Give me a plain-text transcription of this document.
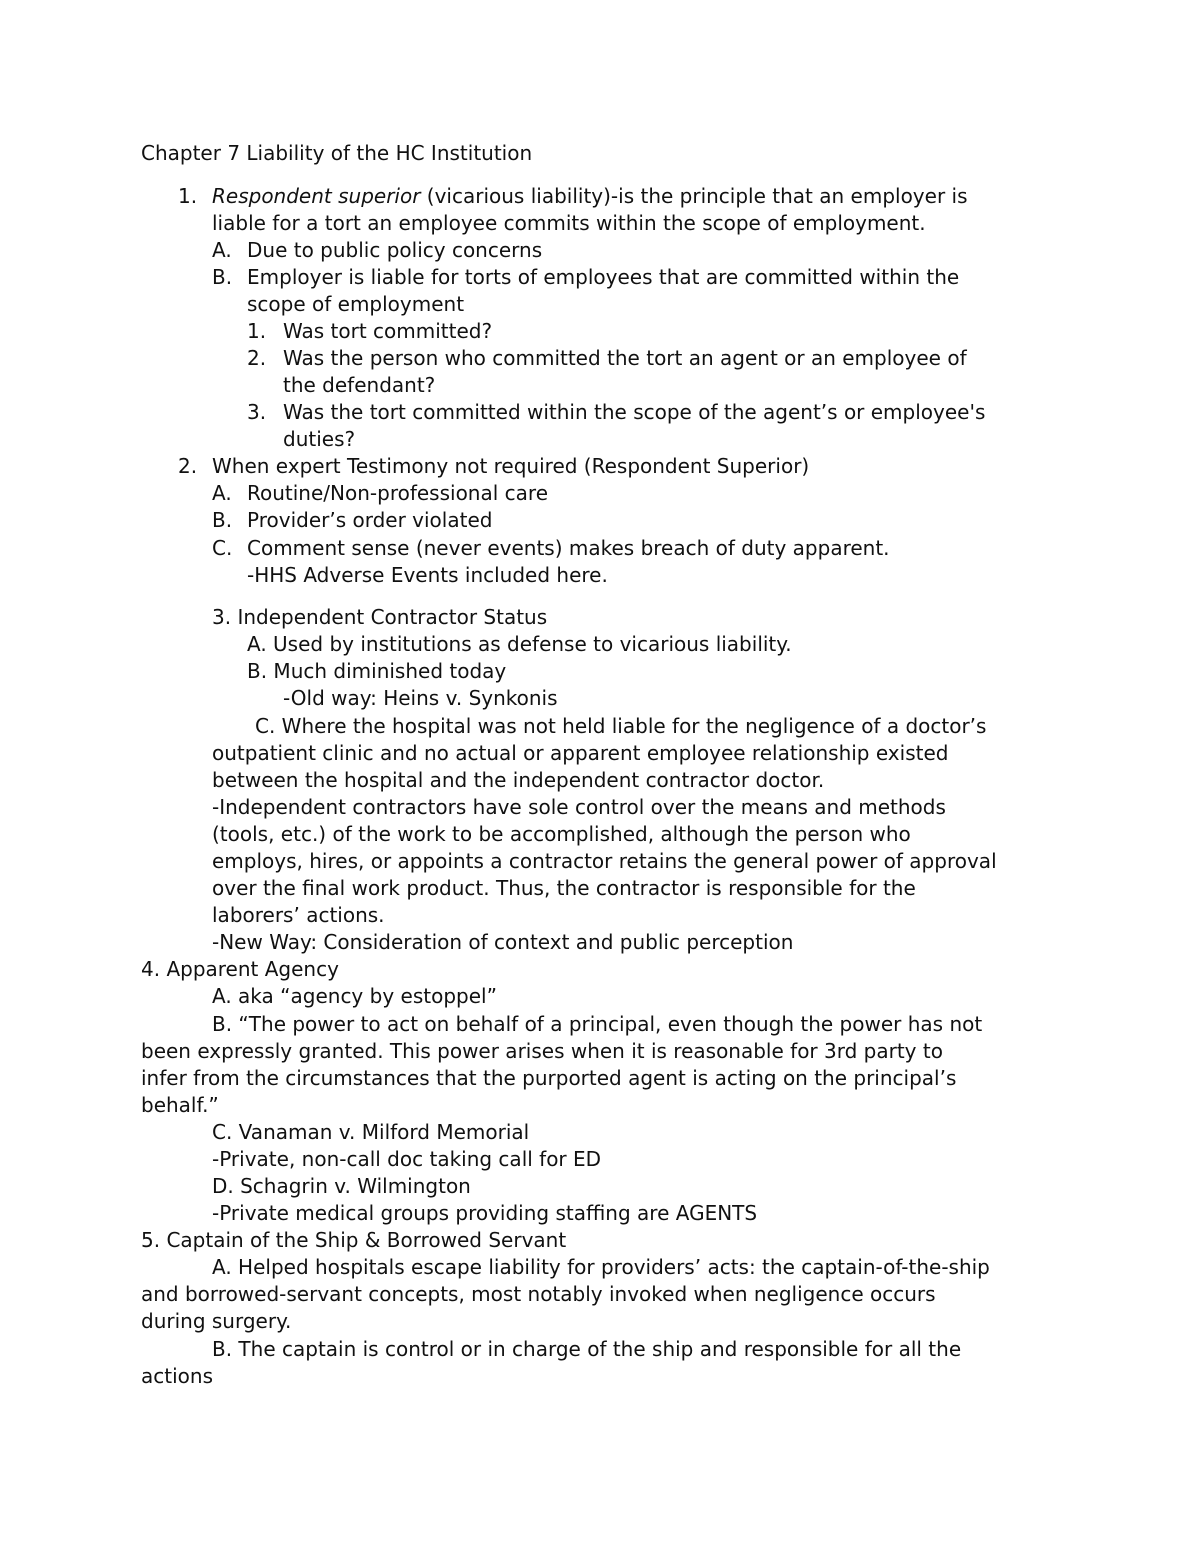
Chapter 7 Liability of the HC Institution
1. Respondent superior (vicarious liability)-is the principle that an employer is
liable for a tort an employee commits within the scope of employment.
A. Due to public policy concerns
B. Employer is liable for torts of employees that are committed within the
scope of employment
1. Was tort committed?
2. Was the person who committed the tort an agent or an employee of
the defendant?
3. Was the tort committed within the scope of the agent’s or employee's
duties?
2. When expert Testimony not required (Respondent Superior)
A. Routine/Non-professional care
B. Provider’s order violated
C. Comment sense (never events) makes breach of duty apparent.
-HHS Adverse Events included here.
3. Independent Contractor Status
A. Used by institutions as defense to vicarious liability.
B. Much diminished today
-Old way: Heins v. Synkonis
C. Where the hospital was not held liable for the negligence of a doctor’s
outpatient clinic and no actual or apparent employee relationship existed
between the hospital and the independent contractor doctor.
-Independent contractors have sole control over the means and methods
(tools, etc.) of the work to be accomplished, although the person who
employs, hires, or appoints a contractor retains the general power of approval
over the final work product. Thus, the contractor is responsible for the
laborers’ actions.
-New Way: Consideration of context and public perception
4. Apparent Agency
A. aka “agency by estoppel”
B. “The power to act on behalf of a principal, even though the power has not
been expressly granted. This power arises when it is reasonable for 3rd party to
infer from the circumstances that the purported agent is acting on the principal’s
behalf.”
C. Vanaman v. Milford Memorial
-Private, non-call doc taking call for ED
D. Schagrin v. Wilmington
-Private medical groups providing staffing are AGENTS
5. Captain of the Ship & Borrowed Servant
A. Helped hospitals escape liability for providers’ acts: the captain-of-the-ship
and borrowed-servant concepts, most notably invoked when negligence occurs
during surgery.
B. The captain is control or in charge of the ship and responsible for all the
actions
